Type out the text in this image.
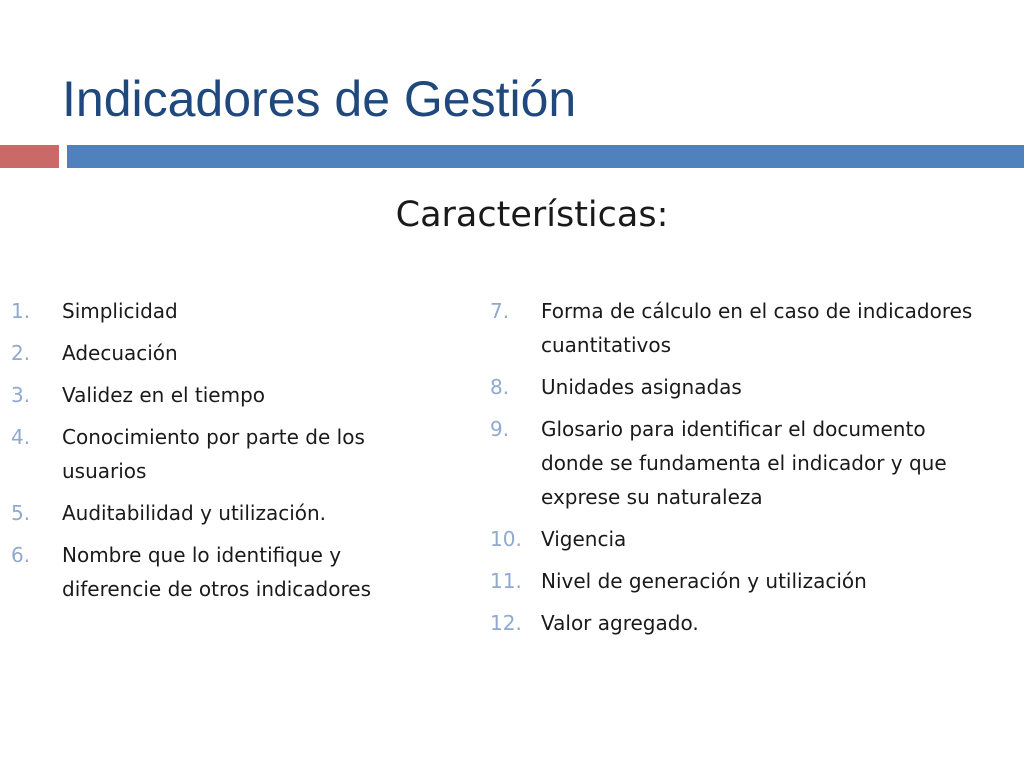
Indicadores de Gestión
Características:
1.	Simplicidad
2.	Adecuación
3.	Validez en el tiempo
4.	Conocimiento por parte de los usuarios
5.	Auditabilidad y utilización.
6.	Nombre que lo identifique y diferencie de otros indicadores
7.	Forma de cálculo en el caso de indicadores cuantitativos
8.	Unidades asignadas
9.	Glosario para identificar el documento donde se fundamenta el indicador y que exprese su naturaleza
10. Vigencia
11. Nivel de generación y utilización
12. Valor agregado.
